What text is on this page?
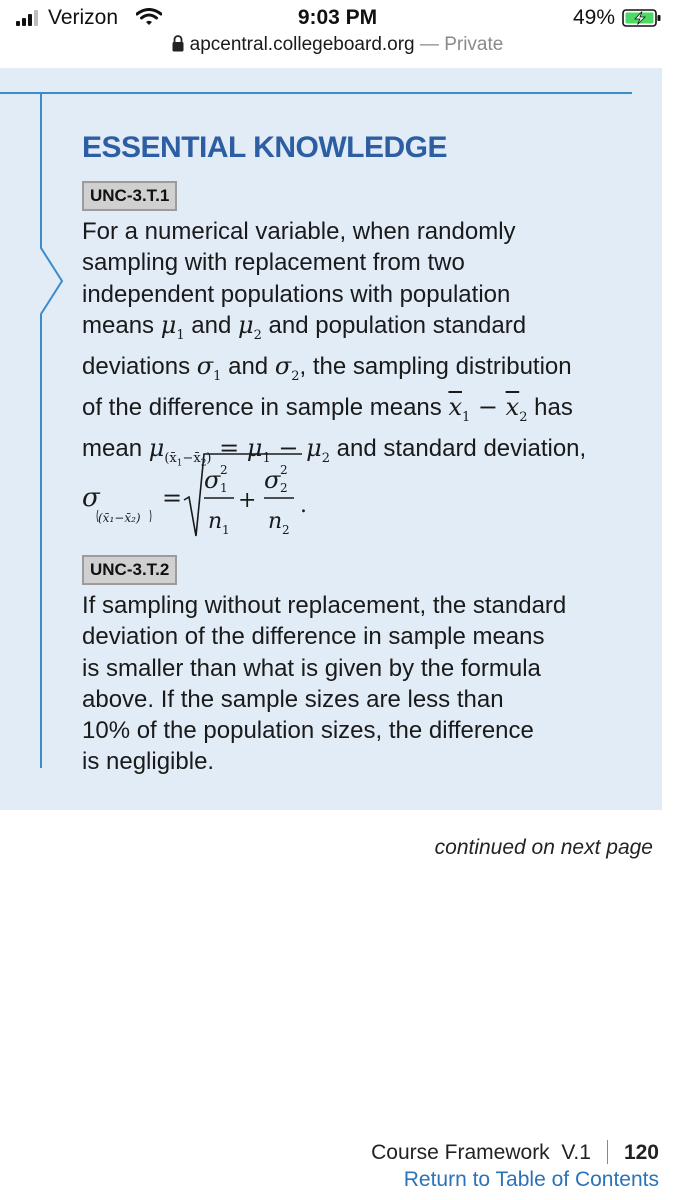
Verizon	9:03 PM	49%
apcentral.collegeboard.org — Private
ESSENTIAL KNOWLEDGE
UNC-3.T.1
For a numerical variable, when randomly
sampling with replacement from two
independent populations with population
means $\mu_1$ and $\mu_2$ and population standard
deviations $\sigma_1$ and $\sigma_2$, the sampling distribution
of the difference in sample means $\overline{x}_1 - \overline{x}_2$ has
mean $\mu_{(x̄_1-x̄_2)} = \mu_1 - \mu_2$ and standard deviation,
σ
(x̄₁−x̄₂)
=
σ 2
1
n 1
+
σ 2
2
n 2
.
UNC-3.T.2
If sampling without replacement, the standard
deviation of the difference in sample means
is smaller than what is given by the formula
above. If the sample sizes are less than
10% of the population sizes, the difference
is negligible.
continued on next page
Course Framework  V.1 120
Return to Table of Contents
